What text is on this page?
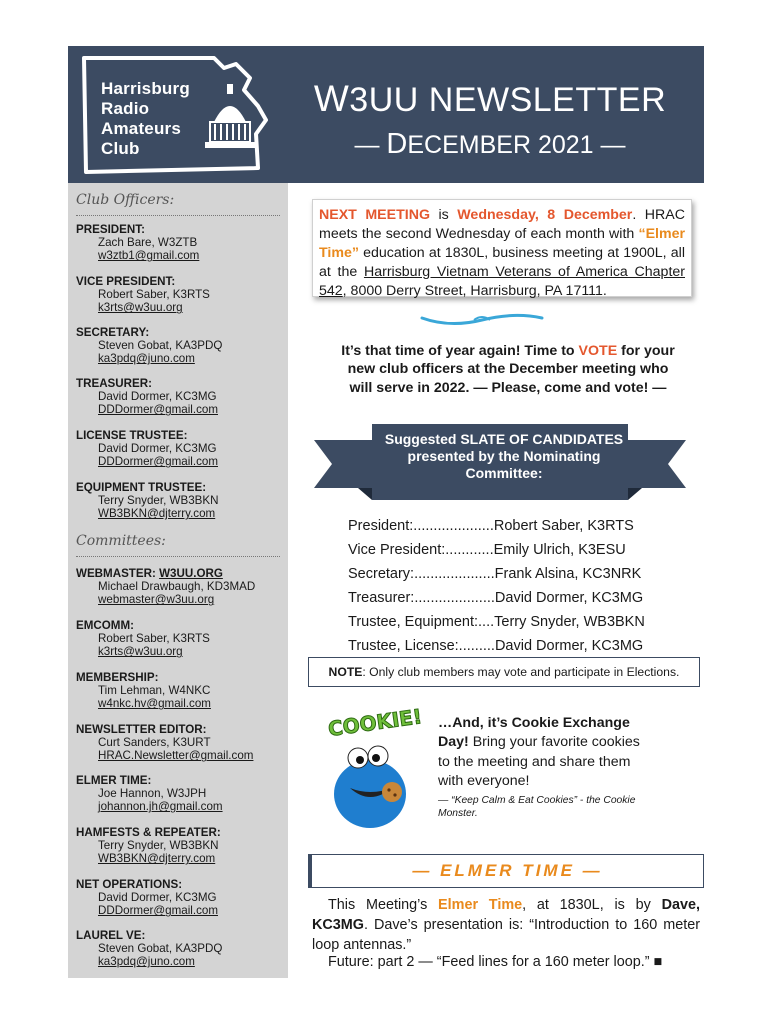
Harrisburg
Radio
Amateurs
Club
W3UU NEWSLETTER
— DECEMBER 2021 —
Club Officers:
PRESIDENT:
Zach Bare, W3ZTB
w3ztb1@gmail.com
VICE PRESIDENT:
Robert Saber, K3RTS
k3rts@w3uu.org
SECRETARY:
Steven Gobat, KA3PDQ
ka3pdq@juno.com
TREASURER:
David Dormer, KC3MG
DDDormer@gmail.com
LICENSE TRUSTEE:
David Dormer, KC3MG
DDDormer@gmail.com
EQUIPMENT TRUSTEE:
Terry Snyder, WB3BKN
WB3BKN@djterry.com
Committees:
WEBMASTER: W3UU.ORG
Michael Drawbaugh, KD3MAD
webmaster@w3uu.org
EMCOMM:
Robert Saber, K3RTS
k3rts@w3uu.org
MEMBERSHIP:
Tim Lehman, W4NKC
w4nkc.hv@gmail.com
NEWSLETTER EDITOR:
Curt Sanders, K3URT
HRAC.Newsletter@gmail.com
ELMER TIME:
Joe Hannon, W3JPH
johannon.jh@gmail.com
HAMFESTS & REPEATER:
Terry Snyder, WB3BKN
WB3BKN@djterry.com
NET OPERATIONS:
David Dormer, KC3MG
DDDormer@gmail.com
LAUREL VE:
Steven Gobat, KA3PDQ
ka3pdq@juno.com
NEXT MEETING is Wednesday, 8 December. HRAC meets the second Wednesday of each month with “Elmer Time” education at 1830L, business meeting at 1900L, all at the Harrisburg Vietnam Veterans of America Chapter 542, 8000 Derry Street, Harrisburg, PA 17111.
It’s that time of year again! Time to VOTE for your new club officers at the December meeting who will serve in 2022. — Please, come and vote! —
Suggested SLATE OF CANDIDATES presented by the Nominating Committee:
President:....................Robert Saber, K3RTS
Vice President:............Emily Ulrich, K3ESU
Secretary:....................Frank Alsina, KC3NRK
Treasurer:....................David Dormer, KC3MG
Trustee, Equipment:....Terry Snyder, WB3BKN
Trustee, License:.........David Dormer, KC3MG
NOTE: Only club members may vote and participate in Elections.
COOKIE! …And, it’s Cookie Exchange Day! Bring your favorite cookies to the meeting and share them with everyone!
— “Keep Calm & Eat Cookies” - the Cookie Monster.
— ELMER TIME —
This Meeting’s Elmer Time, at 1830L, is by Dave, KC3MG. Dave’s presentation is: “Introduction to 160 meter loop antennas.”
Future: part 2 — “Feed lines for a 160 meter loop.” ■
